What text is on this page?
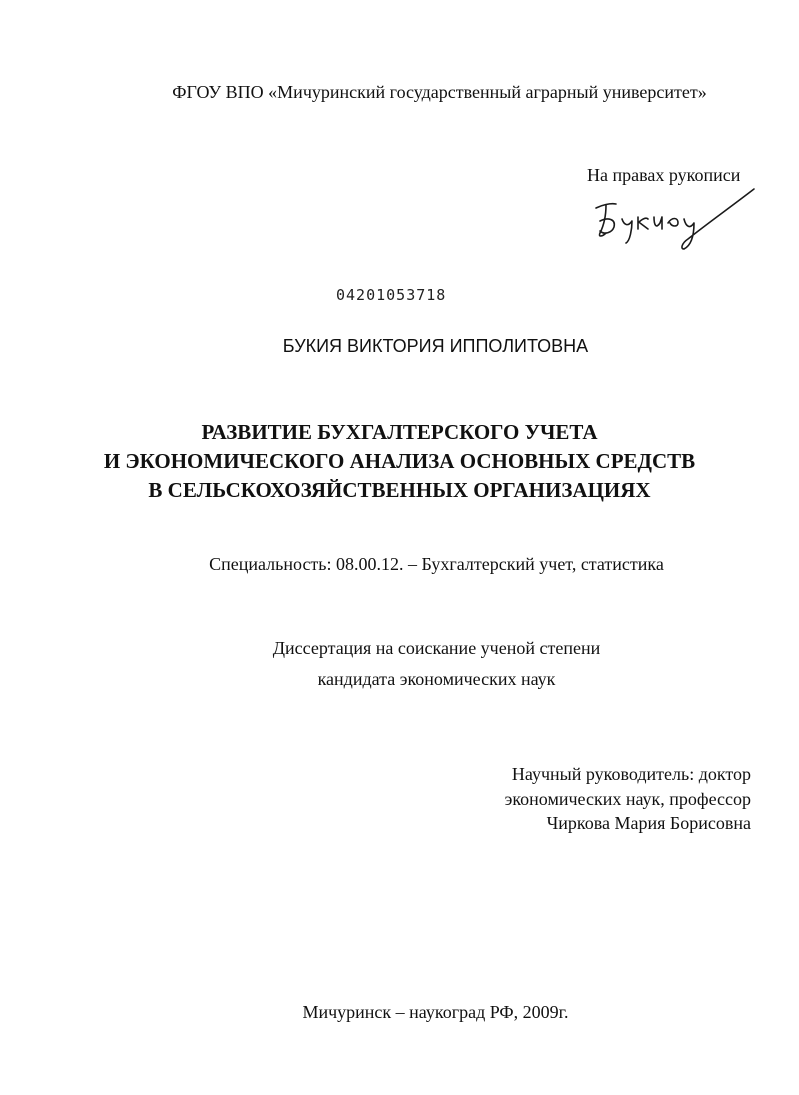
ФГОУ ВПО «Мичуринский государственный аграрный университет»
На правах рукописи
04201053718
БУКИЯ ВИКТОРИЯ ИППОЛИТОВНА
РАЗВИТИЕ БУХГАЛТЕРСКОГО УЧЕТА
И ЭКОНОМИЧЕСКОГО АНАЛИЗА ОСНОВНЫХ СРЕДСТВ
В СЕЛЬСКОХОЗЯЙСТВЕННЫХ ОРГАНИЗАЦИЯХ
Специальность: 08.00.12. – Бухгалтерский учет, статистика
Диссертация на соискание ученой степени
кандидата экономических наук
Научный руководитель: доктор
экономических наук, профессор
Чиркова Мария Борисовна
Мичуринск – наукоград РФ, 2009г.
